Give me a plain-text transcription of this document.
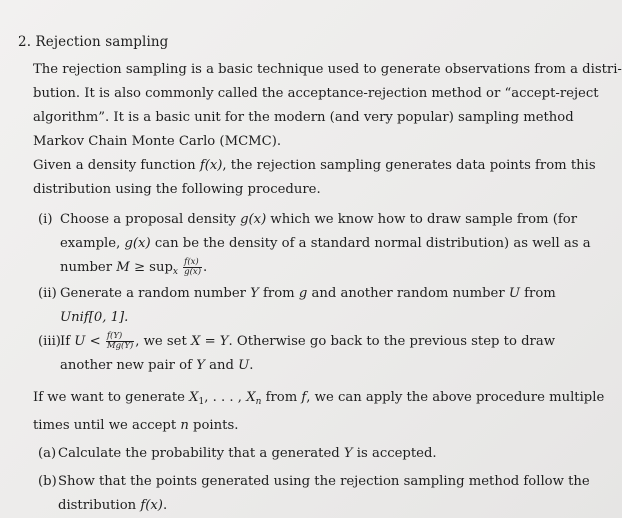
2. Rejection sampling
The rejection sampling is a basic technique used to generate observations from a distri-
bution. It is also commonly called the acceptance-rejection method or “accept-reject
algorithm”. It is a basic unit for the modern (and very popular) sampling method
Markov Chain Monte Carlo (MCMC).
Given a density function f(x), the rejection sampling generates data points from this
distribution using the following procedure.
(i) Choose a proposal density g(x) which we know how to draw sample from (for
example, g(x) can be the density of a standard normal distribution) as well as a
number $M \ge sup_x \frac{f(x)}{g(x)}$ .
(ii) Generate a random number Y from g and another random number U from
Unif[0, 1].
(iii) If $U < \frac{f(Y)}{Mg(Y)}$ , we set X = Y. Otherwise go back to the previous step to draw
another new pair of Y and U.
If we want to generate $X_1$, . . . , $X_n$ from f, we can apply the above procedure multiple
times until we accept n points.
(a) Calculate the probability that a generated Y is accepted.
(b) Show that the points generated using the rejection sampling method follow the
distribution f(x).
